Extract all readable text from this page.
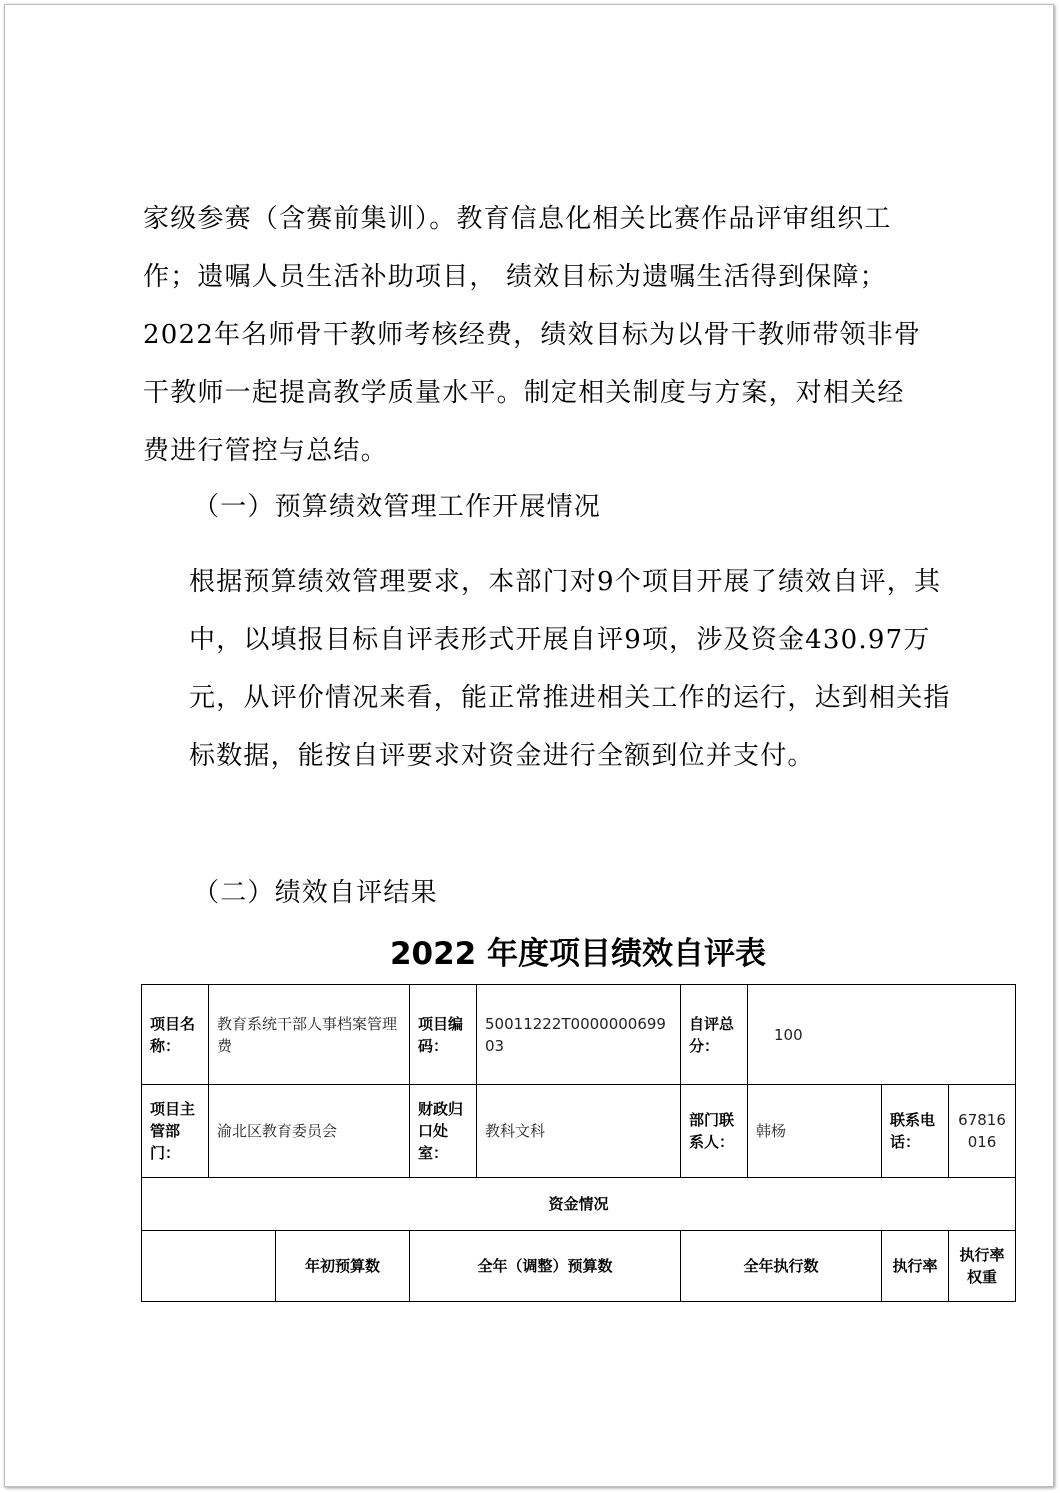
家级参赛（含赛前集训）。教育信息化相关比赛作品评审组织工作；遗嘱人员生活补助项目， 绩效目标为遗嘱生活得到保障；2022年名师骨干教师考核经费，绩效目标为以骨干教师带领非骨干教师一起提高教学质量水平。制定相关制度与方案，对相关经费进行管控与总结。
（一）预算绩效管理工作开展情况
根据预算绩效管理要求，本部门对9个项目开展了绩效自评，其中，以填报目标自评表形式开展自评9项，涉及资金430.97万元，从评价情况来看，能正常推进相关工作的运行，达到相关指标数据，能按自评要求对资金进行全额到位并支付。
（二）绩效自评结果
2022 年度项目绩效自评表
项目名称：	教育系统干部人事档案管理费		项目编码：	50011222T000000069903	自评总分：	100		
项目主管部门：	渝北区教育委员会		财政归口处室：	教科文科	部门联系人：	韩杨	联系电话：	67816016
资金情况								
		年初预算数	全年（调整）预算数		全年执行数		执行率	执行率权重
